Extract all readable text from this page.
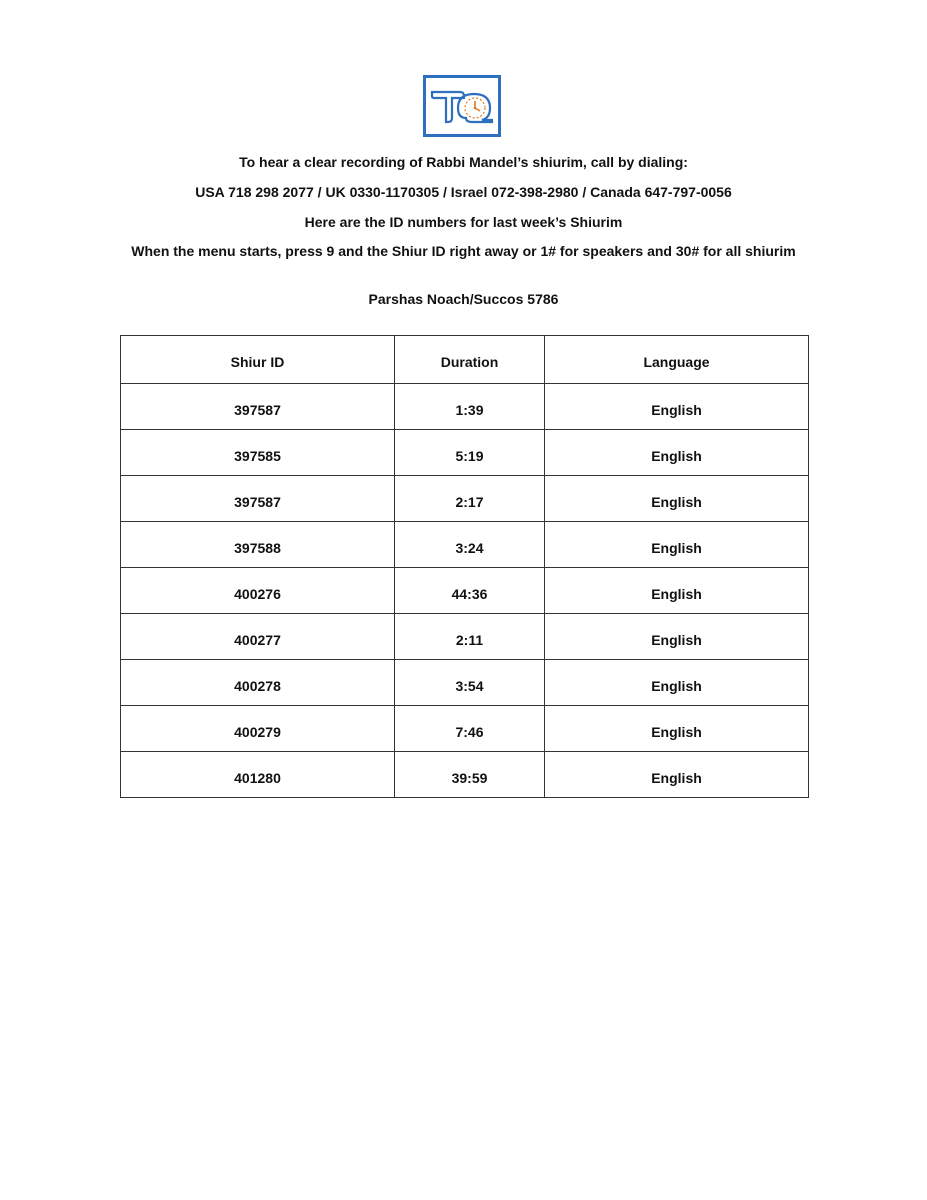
To hear a clear recording of Rabbi Mandel’s shiurim, call by dialing:
USA 718 298 2077 / UK 0330-1170305 / Israel 072-398-2980 / Canada 647-797-0056
Here are the ID numbers for last week’s Shiurim
When the menu starts, press 9 and the Shiur ID right away or 1# for speakers and 30# for all shiurim
Parshas Noach/Succos 5786
Shiur ID	Duration	Language
397587	1:39	English
397585	5:19	English
397587	2:17	English
397588	3:24	English
400276	44:36	English
400277	2:11	English
400278	3:54	English
400279	7:46	English
401280	39:59	English
